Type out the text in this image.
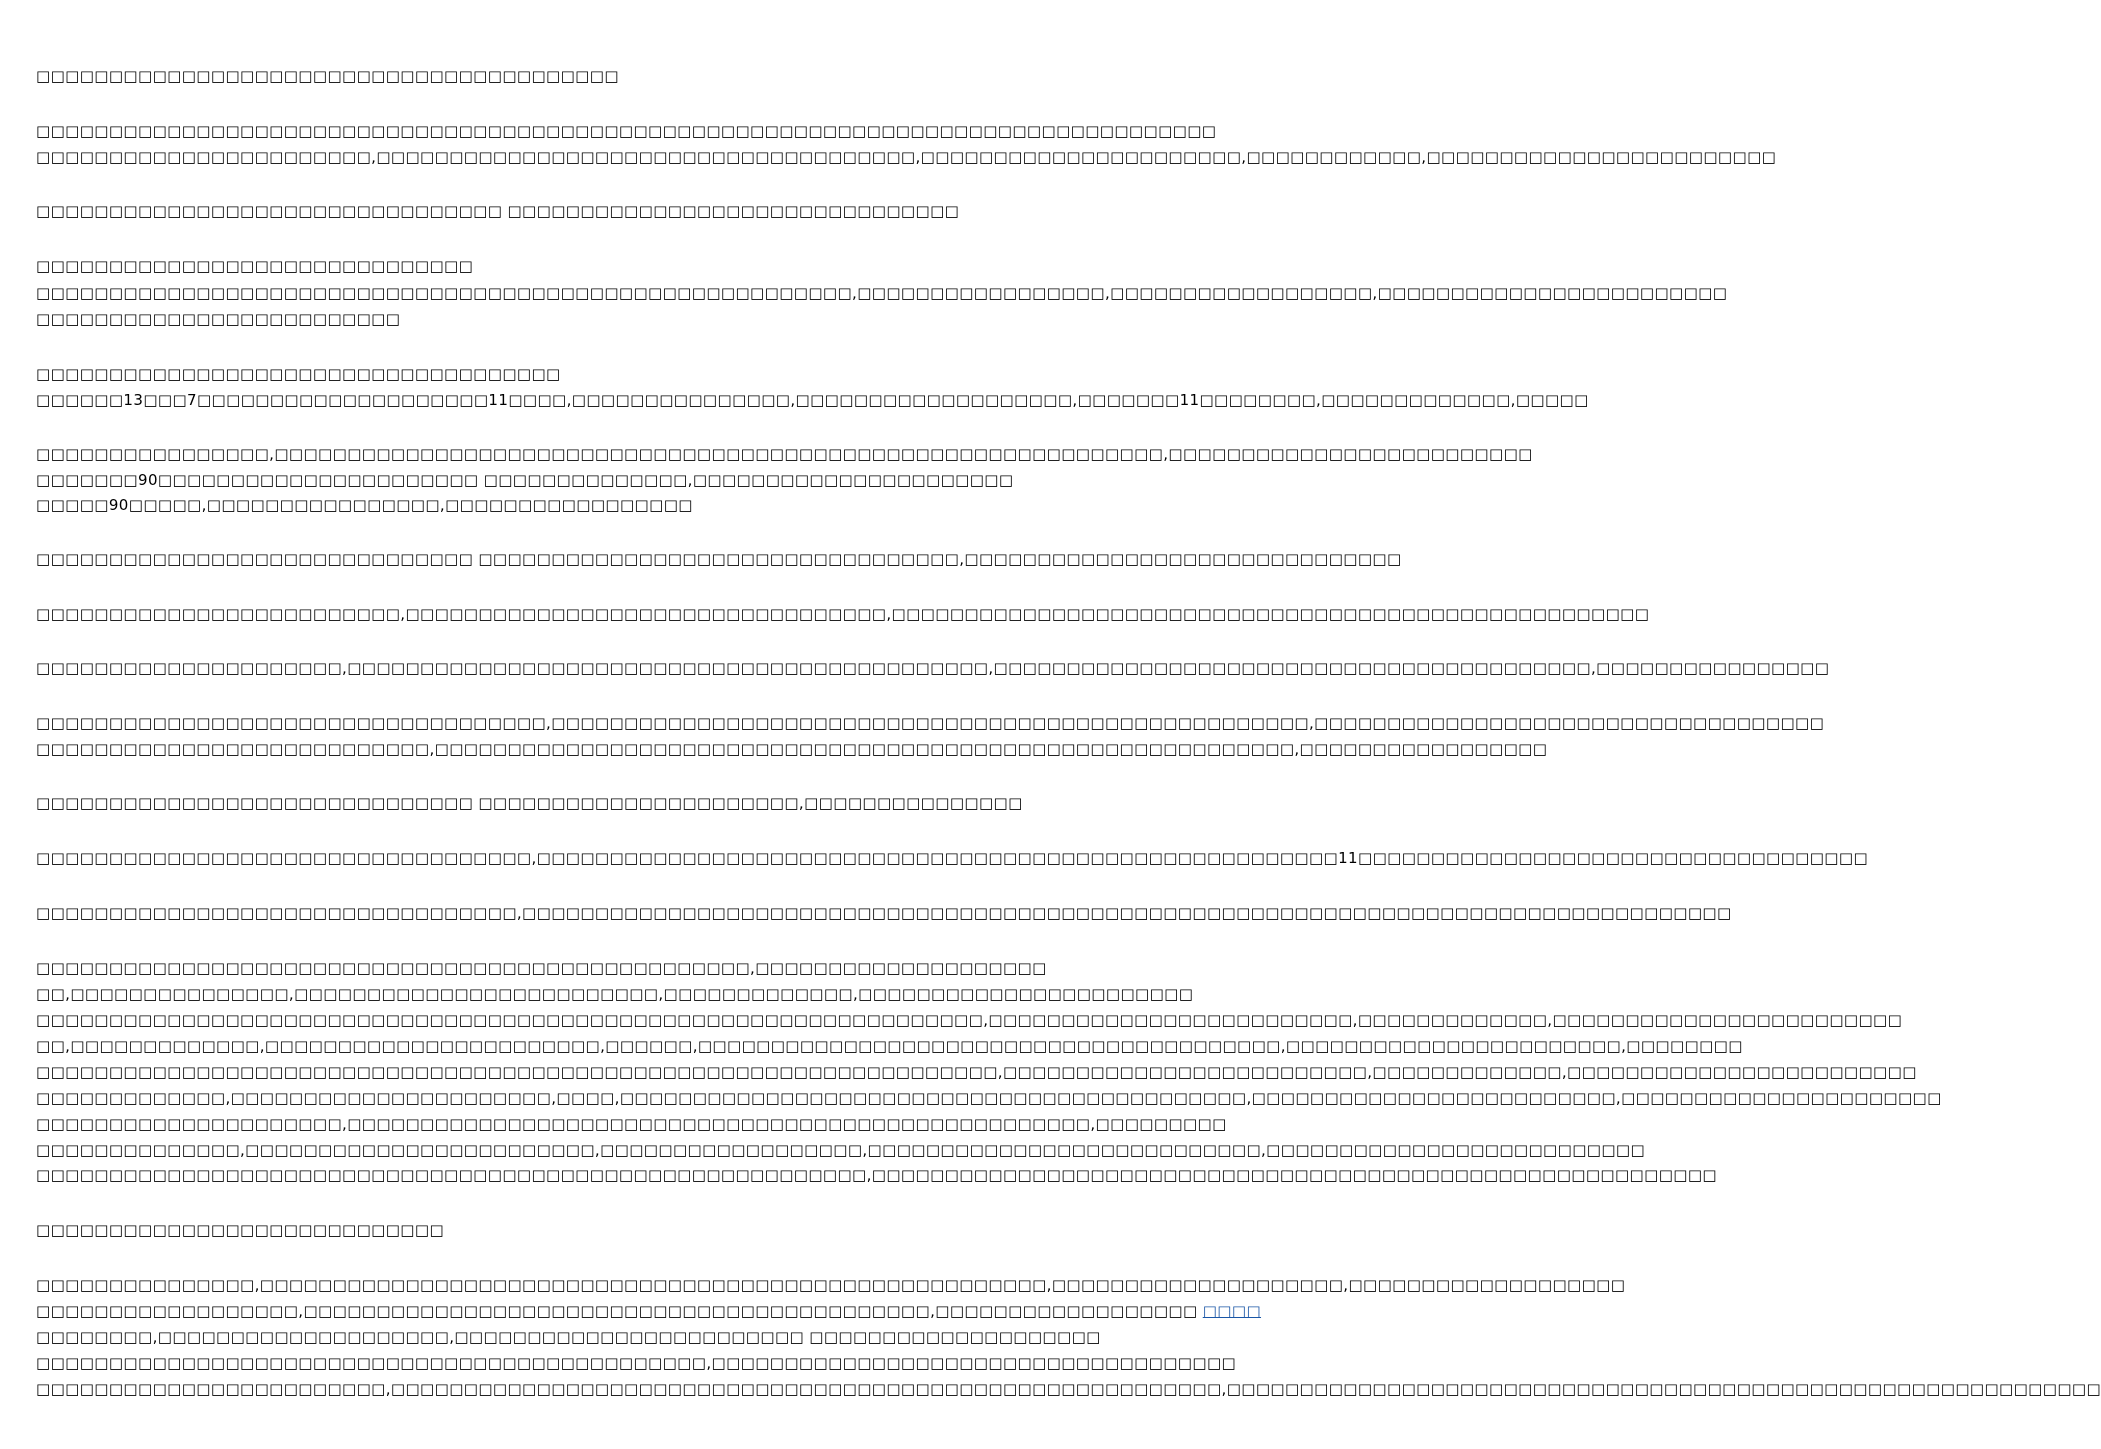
□□□□□□□□□□□□□□□□□□□□□□□□□□□□□□□□□□□□□□□□
□□□□□□□□□□□□□□□□□□□□□□□□□□□□□□□□□□□□□□□□□□□□□□□□□□□□□□□□□□□□□□□□□□□□□□□□□□□□□□□□□
□□□□□□□□□□□□□□□□□□□□□□□,□□□□□□□□□□□□□□□□□□□□□□□□□□□□□□□□□□□□□,□□□□□□□□□□□□□□□□□□□□□□,□□□□□□□□□□□□,□□□□□□□□□□□□□□□□□□□□□□□□
□□□□□□□□□□□□□□□□□□□□□□□□□□□□□□□□ □□□□□□□□□□□□□□□□□□□□□□□□□□□□□□□
□□□□□□□□□□□□□□□□□□□□□□□□□□□□□□
□□□□□□□□□□□□□□□□□□□□□□□□□□□□□□□□□□□□□□□□□□□□□□□□□□□□□□□□,□□□□□□□□□□□□□□□□□,□□□□□□□□□□□□□□□□□□,□□□□□□□□□□□□□□□□□□□□□□□□
□□□□□□□□□□□□□□□□□□□□□□□□□
□□□□□□□□□□□□□□□□□□□□□□□□□□□□□□□□□□□□
□□□□□□13□□□7□□□□□□□□□□□□□□□□□□□□11□□□□,□□□□□□□□□□□□□□□,□□□□□□□□□□□□□□□□□□□,□□□□□□□11□□□□□□□□,□□□□□□□□□□□□□,□□□□□
□□□□□□□□□□□□□□□□,□□□□□□□□□□□□□□□□□□□□□□□□□□□□□□□□□□□□□□□□□□□□□□□□□□□□□□□□□□□□□,□□□□□□□□□□□□□□□□□□□□□□□□□
□□□□□□□90□□□□□□□□□□□□□□□□□□□□□□ □□□□□□□□□□□□□□,□□□□□□□□□□□□□□□□□□□□□□
□□□□□90□□□□□,□□□□□□□□□□□□□□□□,□□□□□□□□□□□□□□□□□
□□□□□□□□□□□□□□□□□□□□□□□□□□□□□□ □□□□□□□□□□□□□□□□□□□□□□□□□□□□□□□□□,□□□□□□□□□□□□□□□□□□□□□□□□□□□□□□
□□□□□□□□□□□□□□□□□□□□□□□□□,□□□□□□□□□□□□□□□□□□□□□□□□□□□□□□□□□,□□□□□□□□□□□□□□□□□□□□□□□□□□□□□□□□□□□□□□□□□□□□□□□□□□□□
□□□□□□□□□□□□□□□□□□□□□,□□□□□□□□□□□□□□□□□□□□□□□□□□□□□□□□□□□□□□□□□□□□,□□□□□□□□□□□□□□□□□□□□□□□□□□□□□□□□□□□□□□□□□,□□□□□□□□□□□□□□□□
□□□□□□□□□□□□□□□□□□□□□□□□□□□□□□□□□□□,□□□□□□□□□□□□□□□□□□□□□□□□□□□□□□□□□□□□□□□□□□□□□□□□□□□□,□□□□□□□□□□□□□□□□□□□□□□□□□□□□□□□□□□□
□□□□□□□□□□□□□□□□□□□□□□□□□□□,□□□□□□□□□□□□□□□□□□□□□□□□□□□□□□□□□□□□□□□□□□□□□□□□□□□□□□□□□□□,□□□□□□□□□□□□□□□□□
□□□□□□□□□□□□□□□□□□□□□□□□□□□□□□ □□□□□□□□□□□□□□□□□□□□□□,□□□□□□□□□□□□□□□
□□□□□□□□□□□□□□□□□□□□□□□□□□□□□□□□□□,□□□□□□□□□□□□□□□□□□□□□□□□□□□□□□□□□□□□□□□□□□□□□□□□□□□□□□□11□□□□□□□□□□□□□□□□□□□□□□□□□□□□□□□□□□□
□□□□□□□□□□□□□□□□□□□□□□□□□□□□□□□□□,□□□□□□□□□□□□□□□□□□□□□□□□□□□□□□□□□□□□□□□□□□□□□□□□□□□□□□□□□□□□□□□□□□□□□□□□□□□□□□□□□□□
□□□□□□□□□□□□□□□□□□□□□□□□□□□□□□□□□□□□□□□□□□□□□□□□□,□□□□□□□□□□□□□□□□□□□□
□□,□□□□□□□□□□□□□□□,□□□□□□□□□□□□□□□□□□□□□□□□□,□□□□□□□□□□□□□,□□□□□□□□□□□□□□□□□□□□□□□
□□□□□□□□□□□□□□□□□□□□□□□□□□□□□□□□□□□□□□□□□□□□□□□□□□□□□□□□□□□□□□□□□,□□□□□□□□□□□□□□□□□□□□□□□□□,□□□□□□□□□□□□□,□□□□□□□□□□□□□□□□□□□□□□□□
□□,□□□□□□□□□□□□□,□□□□□□□□□□□□□□□□□□□□□□□,□□□□□□,□□□□□□□□□□□□□□□□□□□□□□□□□□□□□□□□□□□□□□□□,□□□□□□□□□□□□□□□□□□□□□□□,□□□□□□□□
□□□□□□□□□□□□□□□□□□□□□□□□□□□□□□□□□□□□□□□□□□□□□□□□□□□□□□□□□□□□□□□□□□,□□□□□□□□□□□□□□□□□□□□□□□□□,□□□□□□□□□□□□□,□□□□□□□□□□□□□□□□□□□□□□□□
□□□□□□□□□□□□□,□□□□□□□□□□□□□□□□□□□□□□,□□□□,□□□□□□□□□□□□□□□□□□□□□□□□□□□□□□□□□□□□□□□□□□□,□□□□□□□□□□□□□□□□□□□□□□□□□,□□□□□□□□□□□□□□□□□□□□□□
□□□□□□□□□□□□□□□□□□□□□,□□□□□□□□□□□□□□□□□□□□□□□□□□□□□□□□□□□□□□□□□□□□□□□□□□□,□□□□□□□□□
□□□□□□□□□□□□□□,□□□□□□□□□□□□□□□□□□□□□□□□,□□□□□□□□□□□□□□□□□□,□□□□□□□□□□□□□□□□□□□□□□□□□□□,□□□□□□□□□□□□□□□□□□□□□□□□□□
□□□□□□□□□□□□□□□□□□□□□□□□□□□□□□□□□□□□□□□□□□□□□□□□□□□□□□□□□,□□□□□□□□□□□□□□□□□□□□□□□□□□□□□□□□□□□□□□□□□□□□□□□□□□□□□□□□□□
□□□□□□□□□□□□□□□□□□□□□□□□□□□□
□□□□□□□□□□□□□□□,□□□□□□□□□□□□□□□□□□□□□□□□□□□□□□□□□□□□□□□□□□□□□□□□□□□□□□,□□□□□□□□□□□□□□□□□□□□,□□□□□□□□□□□□□□□□□□□
□□□□□□□□□□□□□□□□□□,□□□□□□□□□□□□□□□□□□□□□□□□□□□□□□□□□□□□□□□□□□□,□□□□□□□□□□□□□□□□□□ □□□□
□□□□□□□□,□□□□□□□□□□□□□□□□□□□□,□□□□□□□□□□□□□□□□□□□□□□□□ □□□□□□□□□□□□□□□□□□□□
□□□□□□□□□□□□□□□□□□□□□□□□□□□□□□□□□□□□□□□□□□□□□□,□□□□□□□□□□□□□□□□□□□□□□□□□□□□□□□□□□□□
□□□□□□□□□□□□□□□□□□□□□□□□,□□□□□□□□□□□□□□□□□□□□□□□□□□□□□□□□□□□□□□□□□□□□□□□□□□□□□□□□□,□□□□□□□□□□□□□□□□□□□□□□□□□□□□□□□□□□□□□□□□□□□□□□□□□□□□□□□□□□□□
